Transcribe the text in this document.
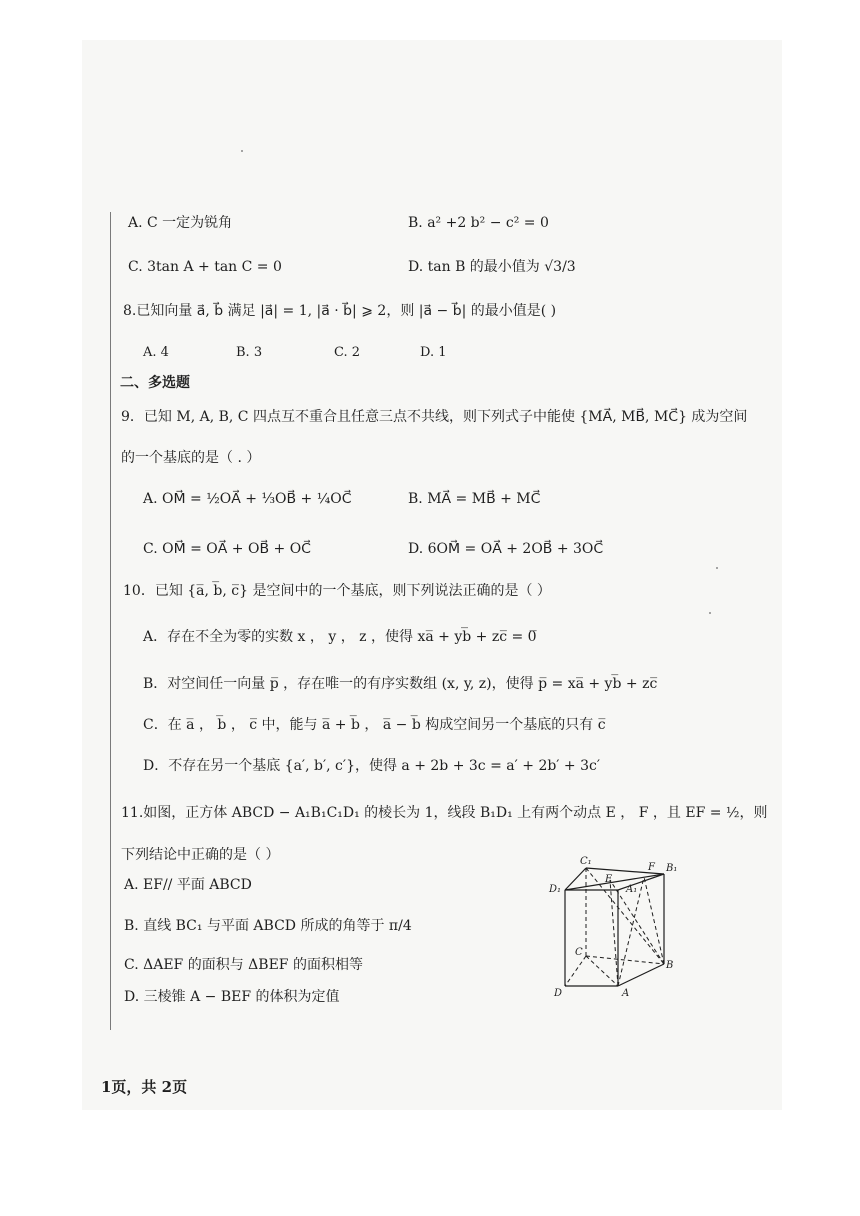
A. C 一定为锐角	B. a² +2 b² − c² = 0
C. 3tan A + tan C = 0	D. tan B 的最小值为 √3/3
8.已知向量 a⃗, b⃗ 满足 |a⃗| = 1, |a⃗ · b⃗| ⩾ 2，则 |a⃗ − b⃗| 的最小值是( )
A. 4	B. 3	C. 2	D. 1
二、多选题
9．已知 M, A, B, C 四点互不重合且任意三点不共线，则下列式子中能使 {MA⃗, MB⃗, MC⃗} 成为空间
的一个基底的是（ . ）
A. OM⃗ = ½OA⃗ + ⅓OB⃗ + ¼OC⃗	B. MA⃗ = MB⃗ + MC⃗
C. OM⃗ = OA⃗ + OB⃗ + OC⃗	D. 6OM⃗ = OA⃗ + 2OB⃗ + 3OC⃗
10．已知 {a̅, b̅, c̅} 是空间中的一个基底，则下列说法正确的是（ ）
A．存在不全为零的实数 x ， y ， z ，使得 xa̅ + yb̅ + zc̅ = 0̅
B．对空间任一向量 p̅ ，存在唯一的有序实数组 (x, y, z)，使得 p̅ = xa̅ + yb̅ + zc̅
C．在 a̅ ， b̅ ， c̅ 中，能与 a̅ + b̅ ， a̅ − b̅ 构成空间另一个基底的只有 c̅
D．不存在另一个基底 {a′, b′, c′}，使得 a + 2b + 3c = a′ + 2b′ + 3c′
11.如图，正方体 ABCD − A₁B₁C₁D₁ 的棱长为 1，线段 B₁D₁ 上有两个动点 E ， F ，且 EF = ½，则
下列结论中正确的是（ ）
A. EF// 平面 ABCD
B. 直线 BC₁ 与平面 ABCD 所成的角等于 π/4
C. ΔAEF 的面积与 ΔBEF 的面积相等
D. 三棱锥 A − BEF 的体积为定值
C₁
F B₁
D₁
E
A₁
C
B
D	A
1页，共 2页
